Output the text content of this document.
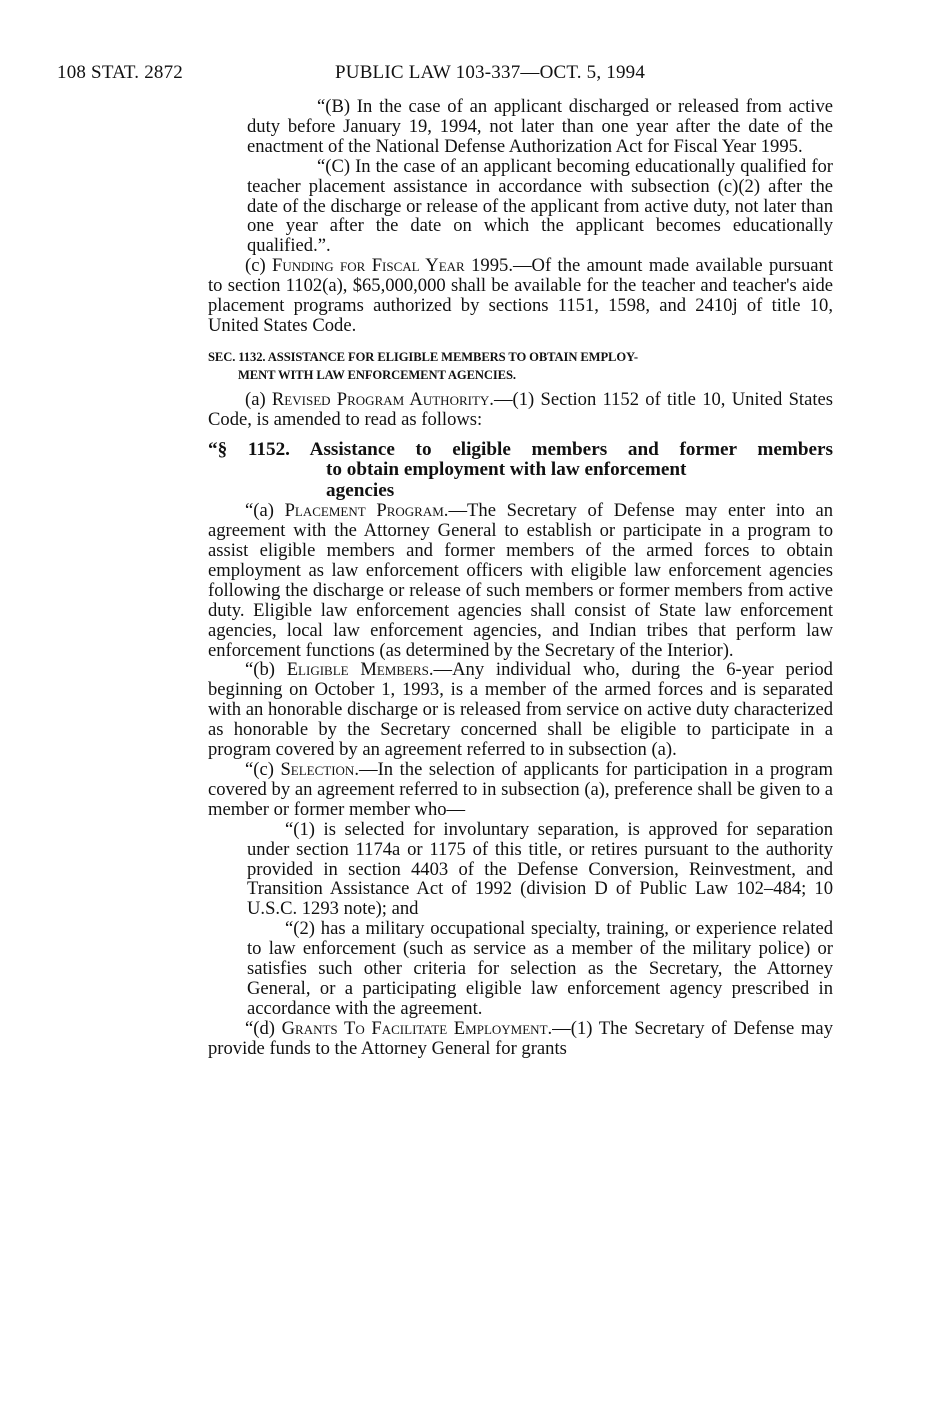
108 STAT. 2872	PUBLIC LAW 103-337—OCT. 5, 1994

“(B) In the case of an applicant discharged or released from active duty before January 19, 1994, not later than one year after the date of the enactment of the National Defense Authorization Act for Fiscal Year 1995.

“(C) In the case of an applicant becoming educationally qualified for teacher placement assistance in accordance with subsection (c)(2) after the date of the discharge or release of the applicant from active duty, not later than one year after the date on which the applicant becomes educationally qualified.”.

(c) Funding for Fiscal Year 1995.—Of the amount made available pursuant to section 1102(a), $65,000,000 shall be available for the teacher and teacher's aide placement programs authorized by sections 1151, 1598, and 2410j of title 10, United States Code.

SEC. 1132. ASSISTANCE FOR ELIGIBLE MEMBERS TO OBTAIN EMPLOY-
MENT WITH LAW ENFORCEMENT AGENCIES.

(a) Revised Program Authority.—(1) Section 1152 of title 10, United States Code, is amended to read as follows:

“§ 1152. Assistance to eligible members and former members
to obtain employment with law enforcement
agencies

“(a) Placement Program.—The Secretary of Defense may enter into an agreement with the Attorney General to establish or participate in a program to assist eligible members and former members of the armed forces to obtain employment as law enforcement officers with eligible law enforcement agencies following the discharge or release of such members or former members from active duty. Eligible law enforcement agencies shall consist of State law enforcement agencies, local law enforcement agencies, and Indian tribes that perform law enforcement functions (as determined by the Secretary of the Interior).

“(b) Eligible Members.—Any individual who, during the 6-year period beginning on October 1, 1993, is a member of the armed forces and is separated with an honorable discharge or is released from service on active duty characterized as honorable by the Secretary concerned shall be eligible to participate in a program covered by an agreement referred to in subsection (a).

“(c) Selection.—In the selection of applicants for participation in a program covered by an agreement referred to in subsection (a), preference shall be given to a member or former member who—

“(1) is selected for involuntary separation, is approved for separation under section 1174a or 1175 of this title, or retires pursuant to the authority provided in section 4403 of the Defense Conversion, Reinvestment, and Transition Assistance Act of 1992 (division D of Public Law 102–484; 10 U.S.C. 1293 note); and

“(2) has a military occupational specialty, training, or experience related to law enforcement (such as service as a member of the military police) or satisfies such other criteria for selection as the Secretary, the Attorney General, or a participating eligible law enforcement agency prescribed in accordance with the agreement.

“(d) Grants To Facilitate Employment.—(1) The Secretary of Defense may provide funds to the Attorney General for grants
